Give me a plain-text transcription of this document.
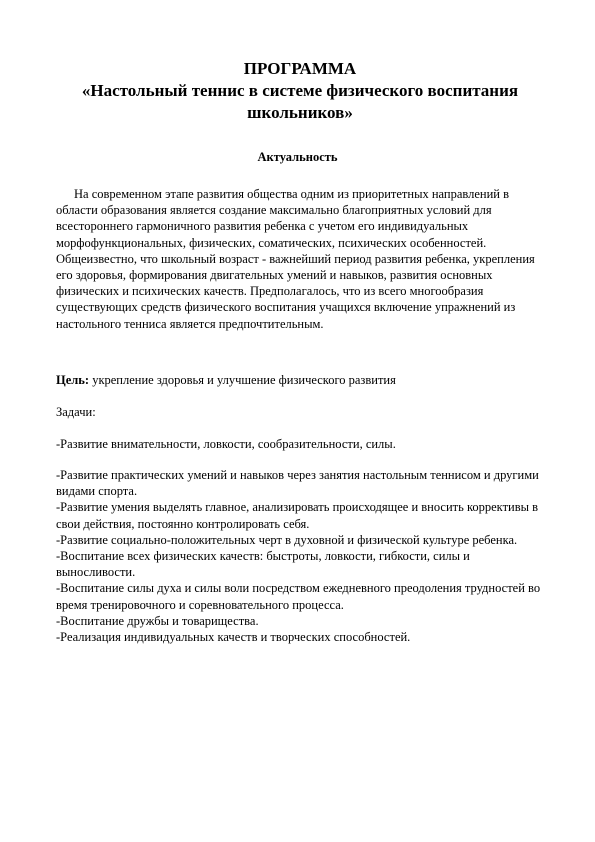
ПРОГРАММА
«Настольный теннис в системе физического воспитания школьников»
Актуальность
На современном этапе развития общества одним из приоритетных направлений в области образования является создание максимально благоприятных условий для всестороннего гармоничного развития ребенка с учетом его индивидуальных морфофункциональных, физических, соматических, психических особенностей. Общеизвестно, что школьный возраст - важнейший период развития ребенка, укрепления его здоровья, формирования двигательных умений и навыков, развития основных физических и психических качеств. Предполагалось, что из всего многообразия существующих средств физического воспитания учащихся включение упражнений из настольного тенниса является предпочтительным.
Цель: укрепление здоровья и улучшение физического развития
Задачи:
-Развитие внимательности, ловкости, сообразительности, силы.
-Развитие практических умений и навыков через занятия настольным теннисом и другими видами спорта.
-Развитие умения выделять главное, анализировать происходящее и вносить коррективы в свои действия, постоянно контролировать себя.
-Развитие социально-положительных черт в духовной и физической культуре ребенка.
-Воспитание всех физических качеств: быстроты, ловкости, гибкости, силы и выносливости.
-Воспитание силы духа и силы воли посредством ежедневного преодоления трудностей во время тренировочного и соревновательного процесса.
-Воспитание дружбы и товарищества.
-Реализация индивидуальных качеств и творческих способностей.
